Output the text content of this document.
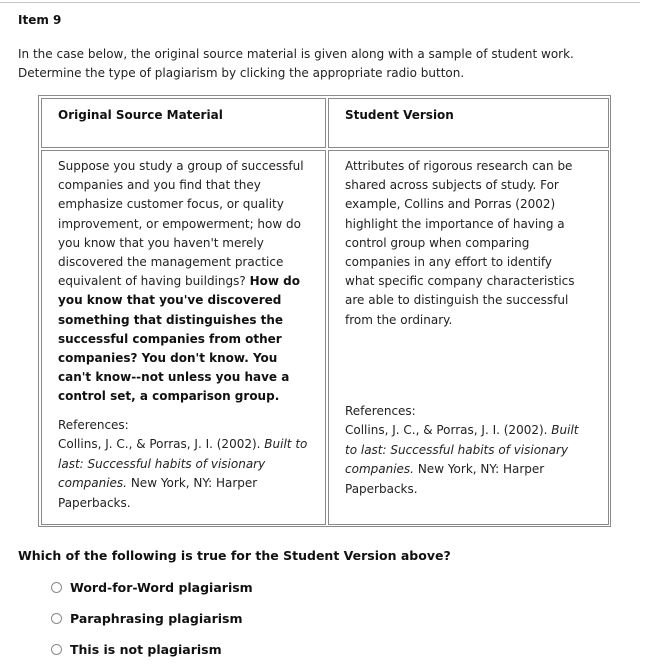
Item 9
In the case below, the original source material is given along with a sample of student work.
Determine the type of plagiarism by clicking the appropriate radio button.
Original Source Material	Student Version
Suppose you study a group of successful companies and you find that they emphasize customer focus, or quality improvement, or empowerment; how do you know that you haven't merely discovered the management practice equivalent of having buildings? How do you know that you've discovered something that distinguishes the successful companies from other companies? You don't know. You can't know--not unless you have a control set, a comparison group.
References:
Collins, J. C., & Porras, J. I. (2002). Built to last: Successful habits of visionary companies. New York, NY: Harper Paperbacks.
Attributes of rigorous research can be shared across subjects of study. For example, Collins and Porras (2002) highlight the importance of having a control group when comparing companies in any effort to identify what specific company characteristics are able to distinguish the successful from the ordinary.
References:
Collins, J. C., & Porras, J. I. (2002). Built to last: Successful habits of visionary companies. New York, NY: Harper Paperbacks.
Which of the following is true for the Student Version above?
Word-for-Word plagiarism
Paraphrasing plagiarism
This is not plagiarism
